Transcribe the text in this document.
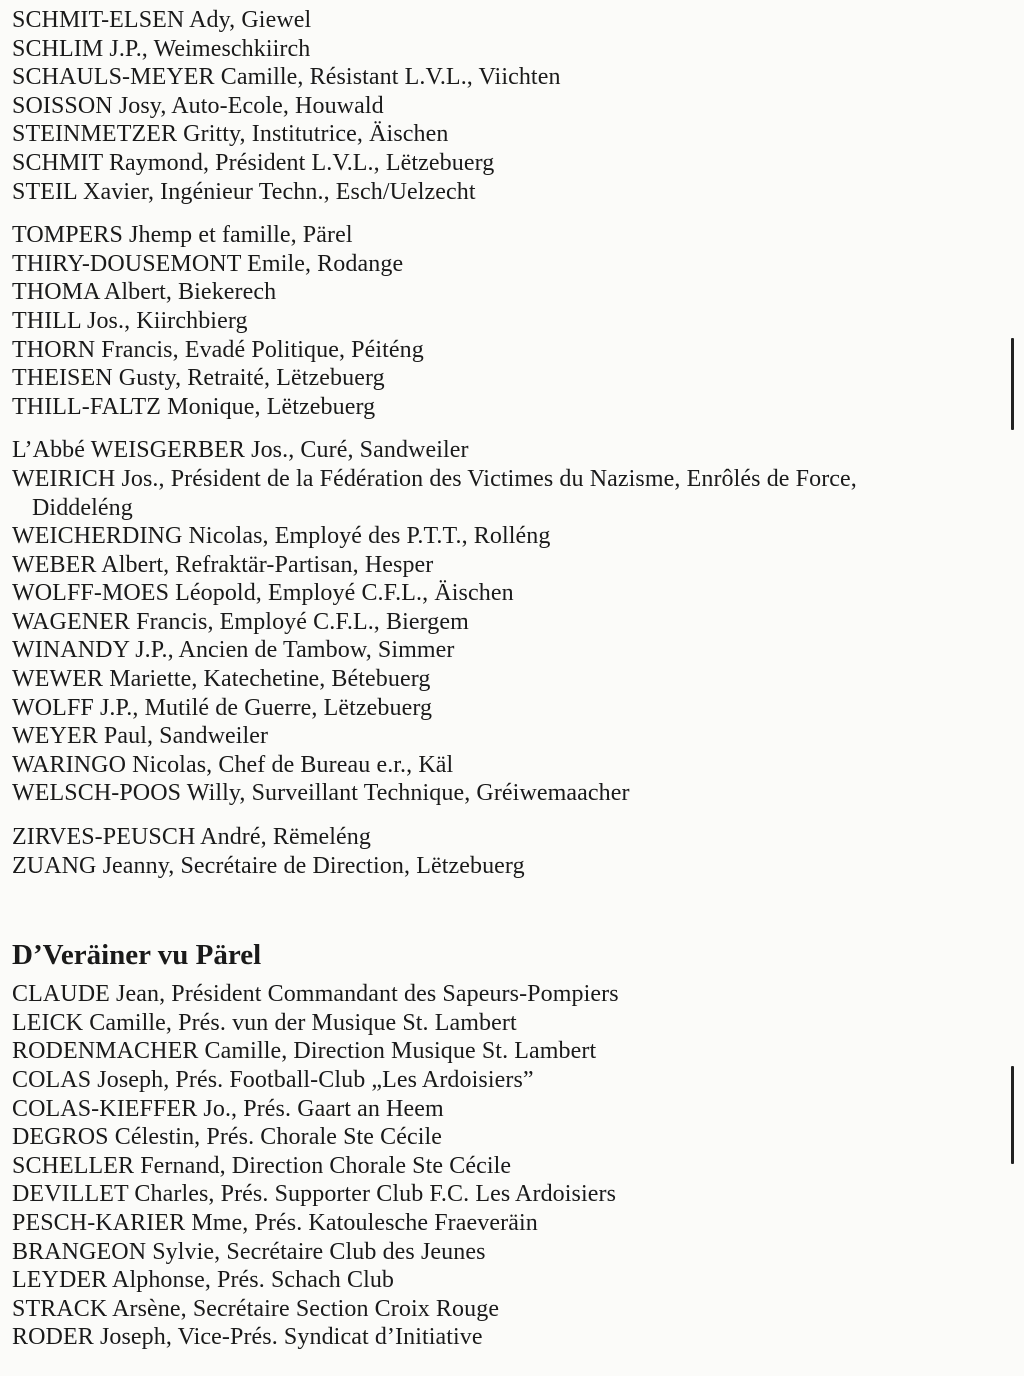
SCHMIT-ELSEN Ady, Giewel
SCHLIM J.P., Weimeschkiirch
SCHAULS-MEYER Camille, Résistant L.V.L., Viichten
SOISSON Josy, Auto-Ecole, Houwald
STEINMETZER Gritty, Institutrice, Äischen
SCHMIT Raymond, Président L.V.L., Lëtzebuerg
STEIL Xavier, Ingénieur Techn., Esch/Uelzecht
TOMPERS Jhemp et famille, Pärel
THIRY-DOUSEMONT Emile, Rodange
THOMA Albert, Biekerech
THILL Jos., Kiirchbierg
THORN Francis, Evadé Politique, Péiténg
THEISEN Gusty, Retraité, Lëtzebuerg
THILL-FALTZ Monique, Lëtzebuerg
L’Abbé WEISGERBER Jos., Curé, Sandweiler
WEIRICH Jos., Président de la Fédération des Victimes du Nazisme, Enrôlés de Force, Diddeléng
WEICHERDING Nicolas, Employé des P.T.T., Rolléng
WEBER Albert, Refraktär-Partisan, Hesper
WOLFF-MOES Léopold, Employé C.F.L., Äischen
WAGENER Francis, Employé C.F.L., Biergem
WINANDY J.P., Ancien de Tambow, Simmer
WEWER Mariette, Katechetine, Bétebuerg
WOLFF J.P., Mutilé de Guerre, Lëtzebuerg
WEYER Paul, Sandweiler
WARINGO Nicolas, Chef de Bureau e.r., Käl
WELSCH-POOS Willy, Surveillant Technique, Gréiwemaacher
ZIRVES-PEUSCH André, Rëmeléng
ZUANG Jeanny, Secrétaire de Direction, Lëtzebuerg
D’Veräiner vu Pärel
CLAUDE Jean, Président Commandant des Sapeurs-Pompiers
LEICK Camille, Prés. vun der Musique St. Lambert
RODENMACHER Camille, Direction Musique St. Lambert
COLAS Joseph, Prés. Football-Club „Les Ardoisiers”
COLAS-KIEFFER Jo., Prés. Gaart an Heem
DEGROS Célestin, Prés. Chorale Ste Cécile
SCHELLER Fernand, Direction Chorale Ste Cécile
DEVILLET Charles, Prés. Supporter Club F.C. Les Ardoisiers
PESCH-KARIER Mme, Prés. Katoulesche Fraeveräin
BRANGEON Sylvie, Secrétaire Club des Jeunes
LEYDER Alphonse, Prés. Schach Club
STRACK Arsène, Secrétaire Section Croix Rouge
RODER Joseph, Vice-Prés. Syndicat d’Initiative
